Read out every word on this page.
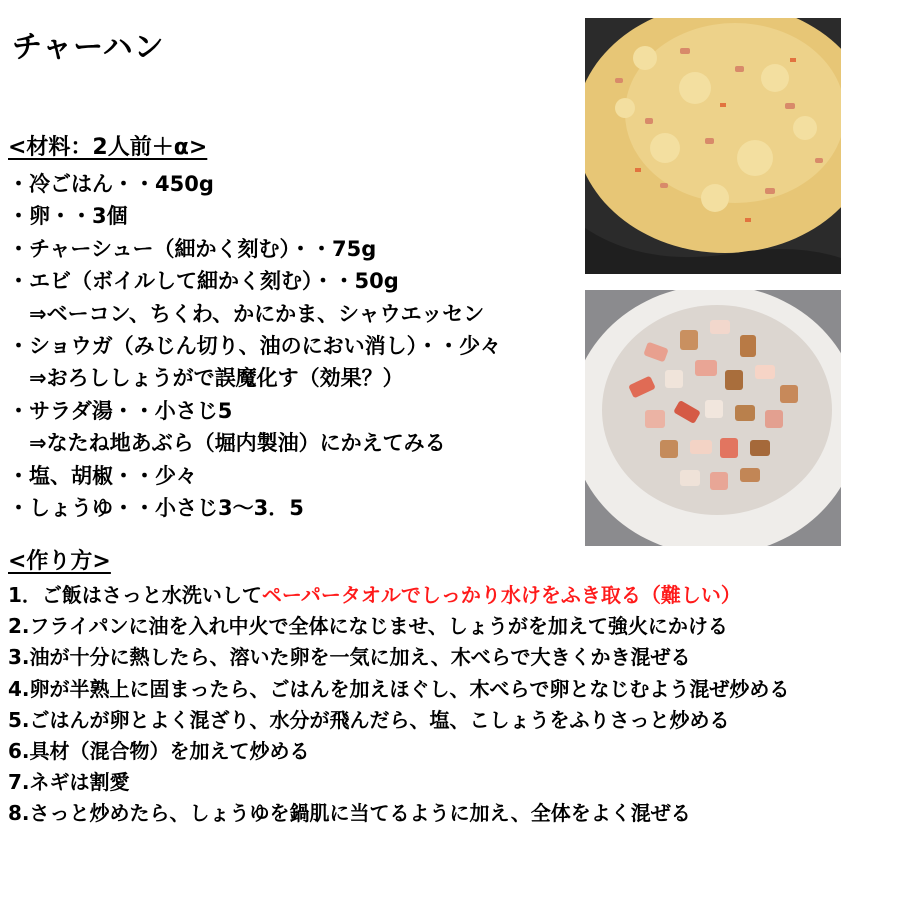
チャーハン
<材料：2人前＋α>
・冷ごはん・・450g
・卵・・3個
・チャーシュー（細かく刻む）・・75g
・エビ（ボイルして細かく刻む）・・50g
　⇒ベーコン、ちくわ、かにかま、シャウエッセン
・ショウガ（みじん切り、油のにおい消し）・・少々
　⇒おろししょうがで誤魔化す（効果？）
・サラダ湯・・小さじ5
　⇒なたね地あぶら（堀内製油）にかえてみる
・塩、胡椒・・少々
・しょうゆ・・小さじ3～3．5
<作り方>
1．ご飯はさっと水洗いしてペーパータオルでしっかり水けをふき取る（難しい）
2.フライパンに油を入れ中火で全体になじませ、しょうがを加えて強火にかける
3.油が十分に熱したら、溶いた卵を一気に加え、木べらで大きくかき混ぜる
4.卵が半熟上に固まったら、ごはんを加えほぐし、木べらで卵となじむよう混ぜ炒める
5.ごはんが卵とよく混ざり、水分が飛んだら、塩、こしょうをふりさっと炒める
6.具材（混合物）を加えて炒める
7.ネギは割愛
8.さっと炒めたら、しょうゆを鍋肌に当てるように加え、全体をよく混ぜる
